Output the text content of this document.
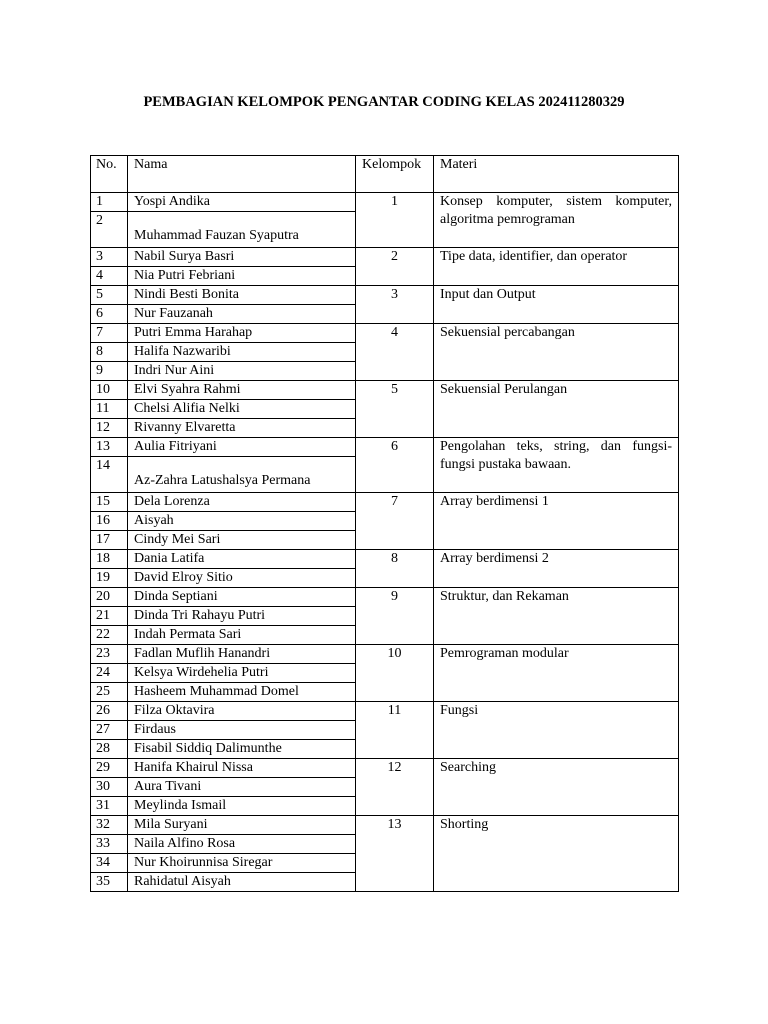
PEMBAGIAN KELOMPOK PENGANTAR CODING KELAS 202411280329
No.	Nama	Kelompok	Materi
1	Yospi Andika	1	Konsep komputer, sistem komputer, algoritma pemrograman
2	Muhammad Fauzan Syaputra		
3	Nabil Surya Basri	2	Tipe data, identifier, dan operator
4	Nia Putri Febriani		
5	Nindi Besti Bonita	3	Input dan Output
6	Nur Fauzanah		
7	Putri Emma Harahap	4	Sekuensial percabangan
8	Halifa Nazwaribi		
9	Indri Nur Aini		
10	Elvi Syahra Rahmi	5	Sekuensial Perulangan
11	Chelsi Alifia Nelki		
12	Rivanny Elvaretta		
13	Aulia Fitriyani	6	Pengolahan teks, string, dan fungsi-fungsi pustaka bawaan.
14	Az-Zahra Latushalsya Permana		
15	Dela Lorenza	7	Array berdimensi 1
16	Aisyah		
17	Cindy Mei Sari		
18	Dania Latifa	8	Array berdimensi 2
19	David Elroy Sitio		
20	Dinda Septiani	9	Struktur, dan Rekaman
21	Dinda Tri Rahayu Putri		
22	Indah Permata Sari		
23	Fadlan Muflih Hanandri	10	Pemrograman modular
24	Kelsya Wirdehelia Putri		
25	Hasheem Muhammad Domel		
26	Filza Oktavira	11	Fungsi
27	Firdaus		
28	Fisabil Siddiq Dalimunthe		
29	Hanifa Khairul Nissa	12	Searching
30	Aura Tivani		
31	Meylinda Ismail		
32	Mila Suryani	13	Shorting
33	Naila Alfino Rosa		
34	Nur Khoirunnisa Siregar		
35	Rahidatul Aisyah		
